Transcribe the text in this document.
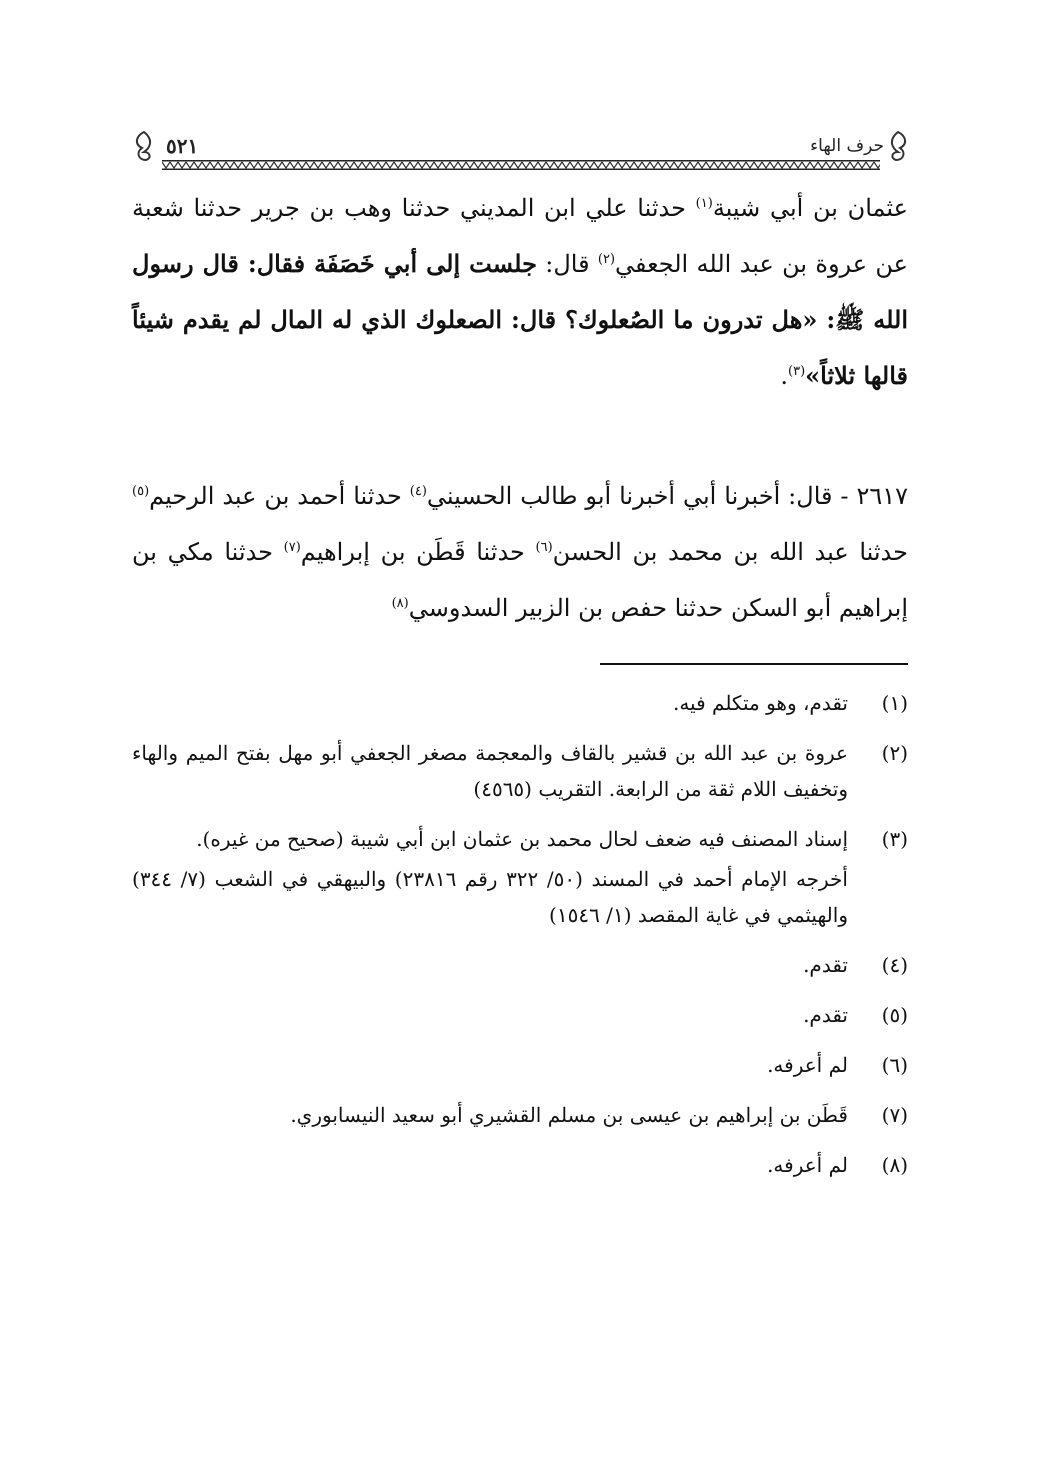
حرف الهاء
٥٢١

عثمان بن أبي شيبة$^{(١)}$ حدثنا علي ابن المديني حدثنا وهب بن جرير حدثنا شعبة عن عروة بن عبد الله الجعفي$^{(٢)}$ قال: جلست إلى أبي خَصَفَة فقال: قال رسول الله ﷺ: «هل تدرون ما الصُعلوك؟ قال: الصعلوك الذي له المال لم يقدم شيئاً قالها ثلاثاً»$^{(٣)}$.

٢٦١٧ - قال: أخبرنا أبي أخبرنا أبو طالب الحسيني$^{(٤)}$ حدثنا أحمد بن عبد الرحيم$^{(٥)}$ حدثنا عبد الله بن محمد بن الحسن$^{(٦)}$ حدثنا قَطَن بن إبراهيم$^{(٧)}$ حدثنا مكي بن إبراهيم أبو السكن حدثنا حفص بن الزبير السدوسي$^{(٨)}$

(١)
تقدم، وهو متكلم فيه.
(٢)
عروة بن عبد الله بن قشير بالقاف والمعجمة مصغر الجعفي أبو مهل بفتح الميم والهاء وتخفيف اللام ثقة من الرابعة. التقريب (٤٥٦٥)
(٣)
إسناد المصنف فيه ضعف لحال محمد بن عثمان ابن أبي شيبة (صحيح من غيره).
أخرجه الإمام أحمد في المسند (٥٠/ ٣٢٢ رقم ٢٣٨١٦) والبيهقي في الشعب (٧/ ٣٤٤) والهيثمي في غاية المقصد (١/ ١٥٤٦)
(٤)
تقدم.
(٥)
تقدم.
(٦)
لم أعرفه.
(٧)
قَطَن بن إبراهيم بن عيسى بن مسلم القشيري أبو سعيد النيسابوري.
(٨)
لم أعرفه.
